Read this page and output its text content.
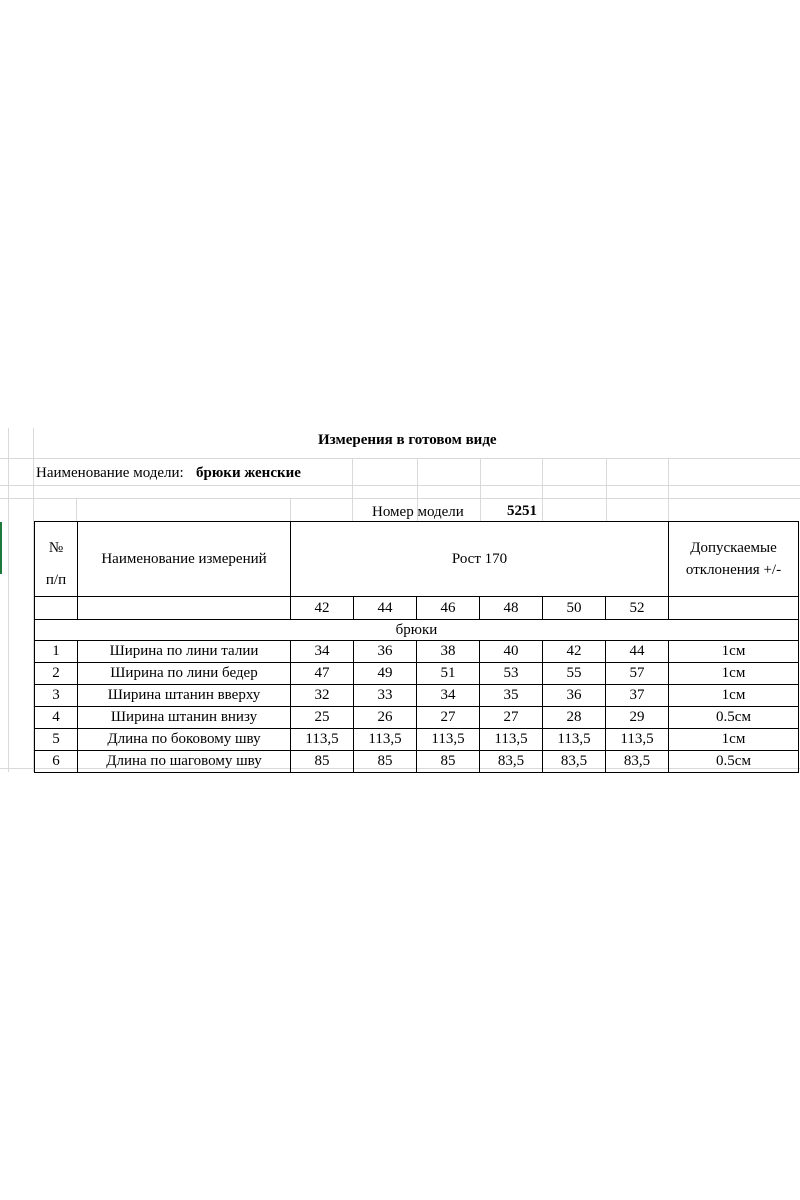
Измерения в готовом виде
Наименование модели: брюки женские
Номер модели	5251
№
п/п	Наименование измерений	Рост 170						Допускаемые отклонения +/-
		42	44	46	48	50	52	
брюки								
1	Ширина по лини талии	34	36	38	40	42	44	1см
2	Ширина по лини бедер	47	49	51	53	55	57	1см
3	Ширина штанин вверху	32	33	34	35	36	37	1см
4	Ширина штанин внизу	25	26	27	27	28	29	0.5см
5	Длина по боковому шву	113,5	113,5	113,5	113,5	113,5	113,5	1см
6	Длина по шаговому шву	85	85	85	83,5	83,5	83,5	0.5см
